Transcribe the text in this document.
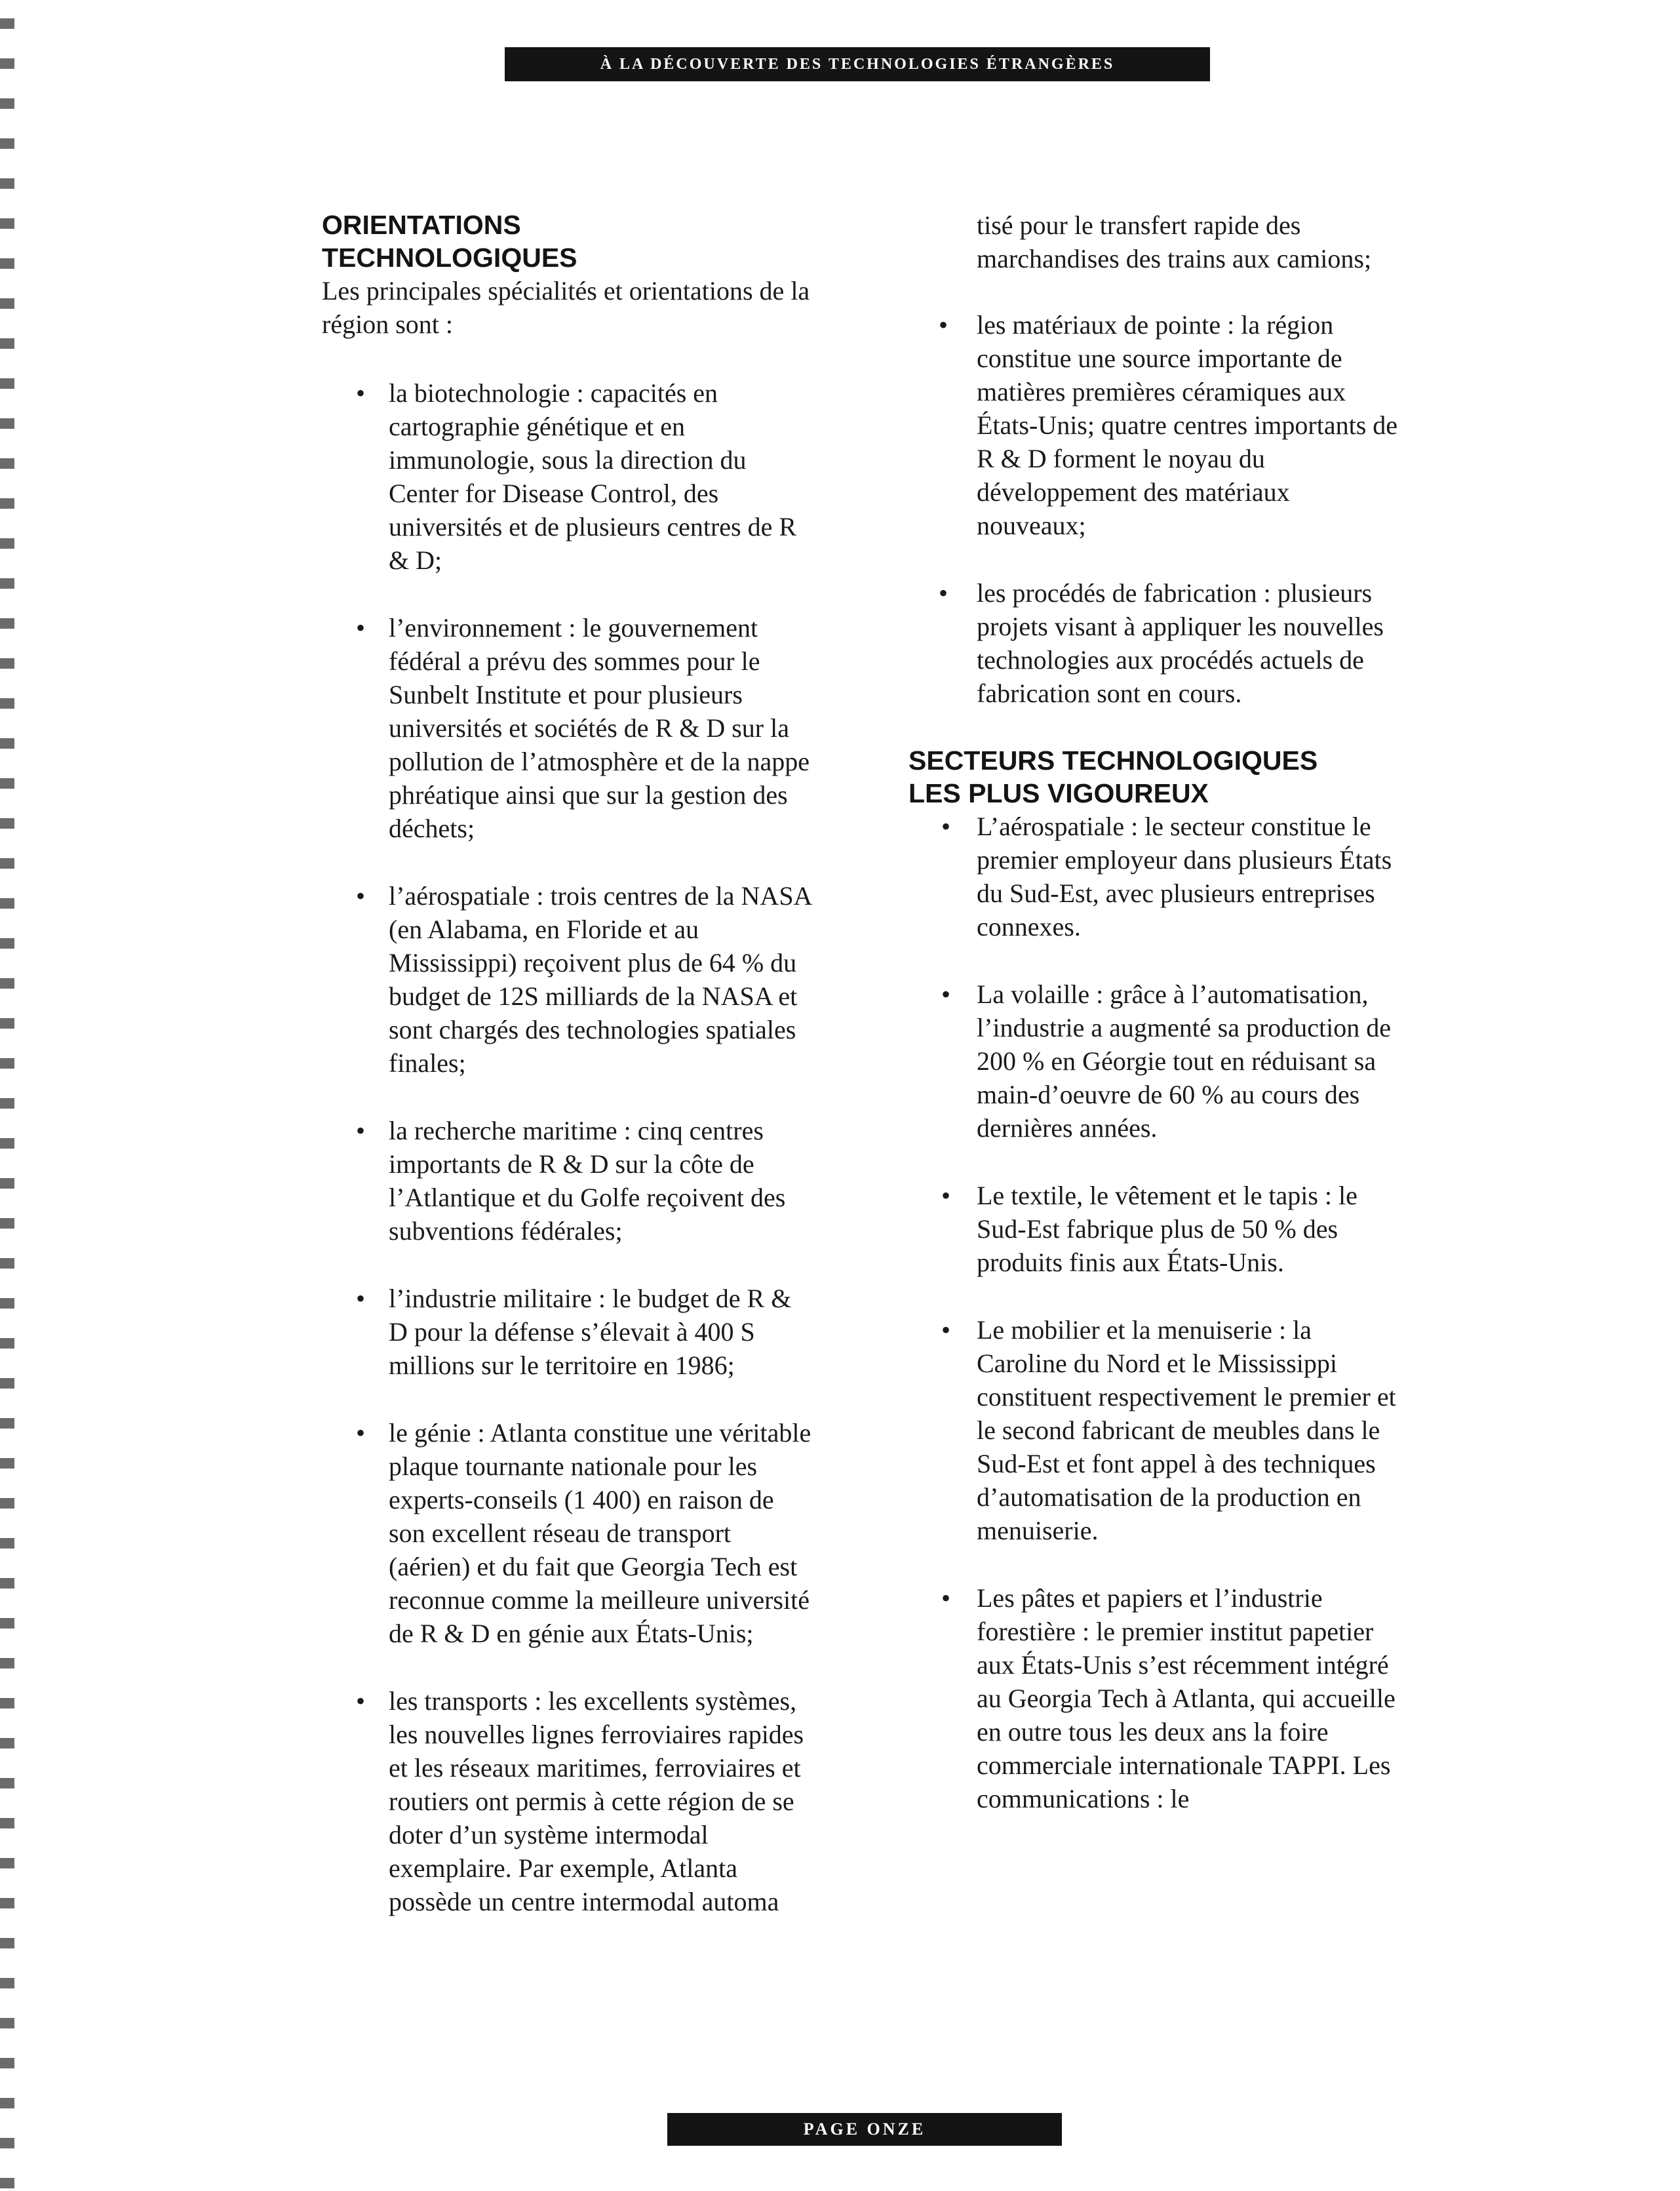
À LA DÉCOUVERTE DES TECHNOLOGIES ÉTRANGÈRES
ORIENTATIONS
TECHNOLOGIQUES

Les principales spécialités et orientations de la région sont :

• la biotechnologie : capacités en cartographie génétique et en immunologie, sous la direction du Center for Disease Control, des universités et de plusieurs centres de R & D;
• l’environnement : le gouvernement fédéral a prévu des sommes pour le Sunbelt Institute et pour plusieurs universités et sociétés de R & D sur la pollution de l’atmosphère et de la nappe phréatique ainsi que sur la gestion des déchets;
• l’aérospatiale : trois centres de la NASA (en Alabama, en Floride et au Mississippi) reçoivent plus de 64 % du budget de 12S milliards de la NASA et sont chargés des technologies spatiales finales;
• la recherche maritime : cinq centres importants de R & D sur la côte de l’Atlantique et du Golfe reçoivent des subventions fédérales;
• l’industrie militaire : le budget de R & D pour la défense s’élevait à 400 S millions sur le territoire en 1986;
• le génie : Atlanta constitue une véritable plaque tournante nationale pour les experts-conseils (1 400) en raison de son excellent réseau de transport (aérien) et du fait que Georgia Tech est reconnue comme la meilleure université de R & D en génie aux États-Unis;
• les transports : les excellents systèmes, les nouvelles lignes ferroviaires rapides et les réseaux maritimes, ferroviaires et routiers ont permis à cette région de se doter d’un système intermodal exemplaire. Par exemple, Atlanta possède un centre intermodal automa

tisé pour le transfert rapide des marchandises des trains aux camions;

• les matériaux de pointe : la région constitue une source importante de matières premières céramiques aux États-Unis; quatre centres importants de R & D forment le noyau du développement des matériaux nouveaux;
• les procédés de fabrication : plusieurs projets visant à appliquer les nouvelles technologies aux procédés actuels de fabrication sont en cours.
SECTEURS TECHNOLOGIQUES
LES PLUS VIGOUREUX
• L’aérospatiale : le secteur constitue le premier employeur dans plusieurs États du Sud-Est, avec plusieurs entreprises connexes.
• La volaille : grâce à l’automatisation, l’industrie a augmenté sa production de 200 % en Géorgie tout en réduisant sa main-d’oeuvre de 60 % au cours des dernières années.
• Le textile, le vêtement et le tapis : le Sud-Est fabrique plus de 50 % des produits finis aux États-Unis.
• Le mobilier et la menuiserie : la Caroline du Nord et le Mississippi constituent respectivement le premier et le second fabricant de meubles dans le Sud-Est et font appel à des techniques d’automatisation de la production en menuiserie.
• Les pâtes et papiers et l’industrie forestière : le premier institut papetier aux États-Unis s’est récemment intégré au Georgia Tech à Atlanta, qui accueille en outre tous les deux ans la foire commerciale internationale TAPPI. Les communications : le
PAGE ONZE
